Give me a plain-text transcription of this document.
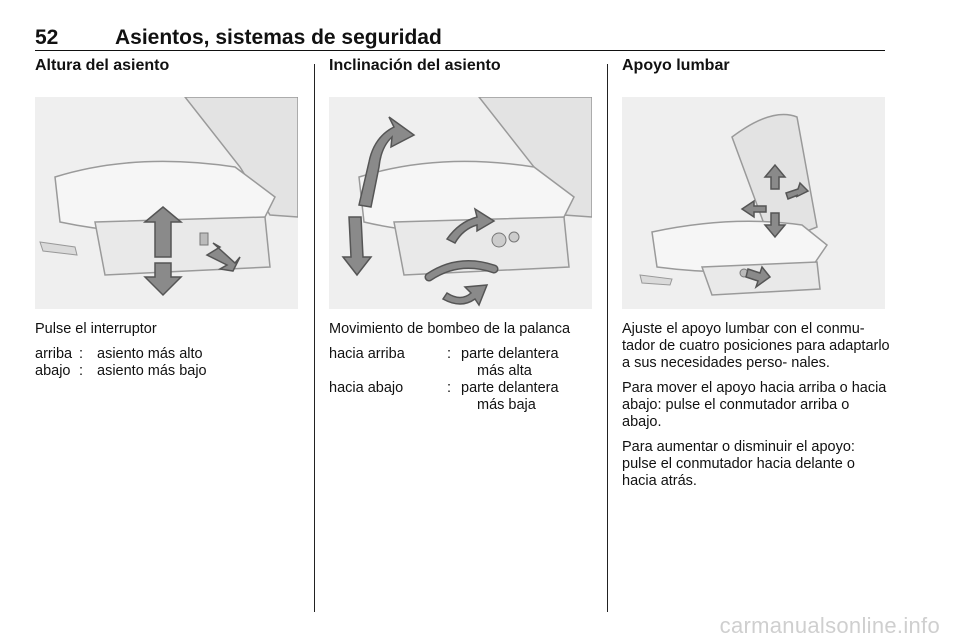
52	Asientos, sistemas de seguridad
Altura del asiento

Pulse el interruptor

arriba	:	asiento más alto
abajo	:	asiento más bajo
Inclinación del asiento

Movimiento de bombeo de la palanca

hacia arriba	:	parte delantera
más alta

hacia abajo	:	parte delantera
más baja
Apoyo lumbar

Ajuste el apoyo lumbar con el conmu- tador de cuatro posiciones para adaptarlo a sus necesidades perso- nales.

Para mover el apoyo hacia arriba o hacia abajo: pulse el conmutador arriba o abajo.

Para aumentar o disminuir el apoyo: pulse el conmutador hacia delante o hacia atrás.

carmanualsonline.info
